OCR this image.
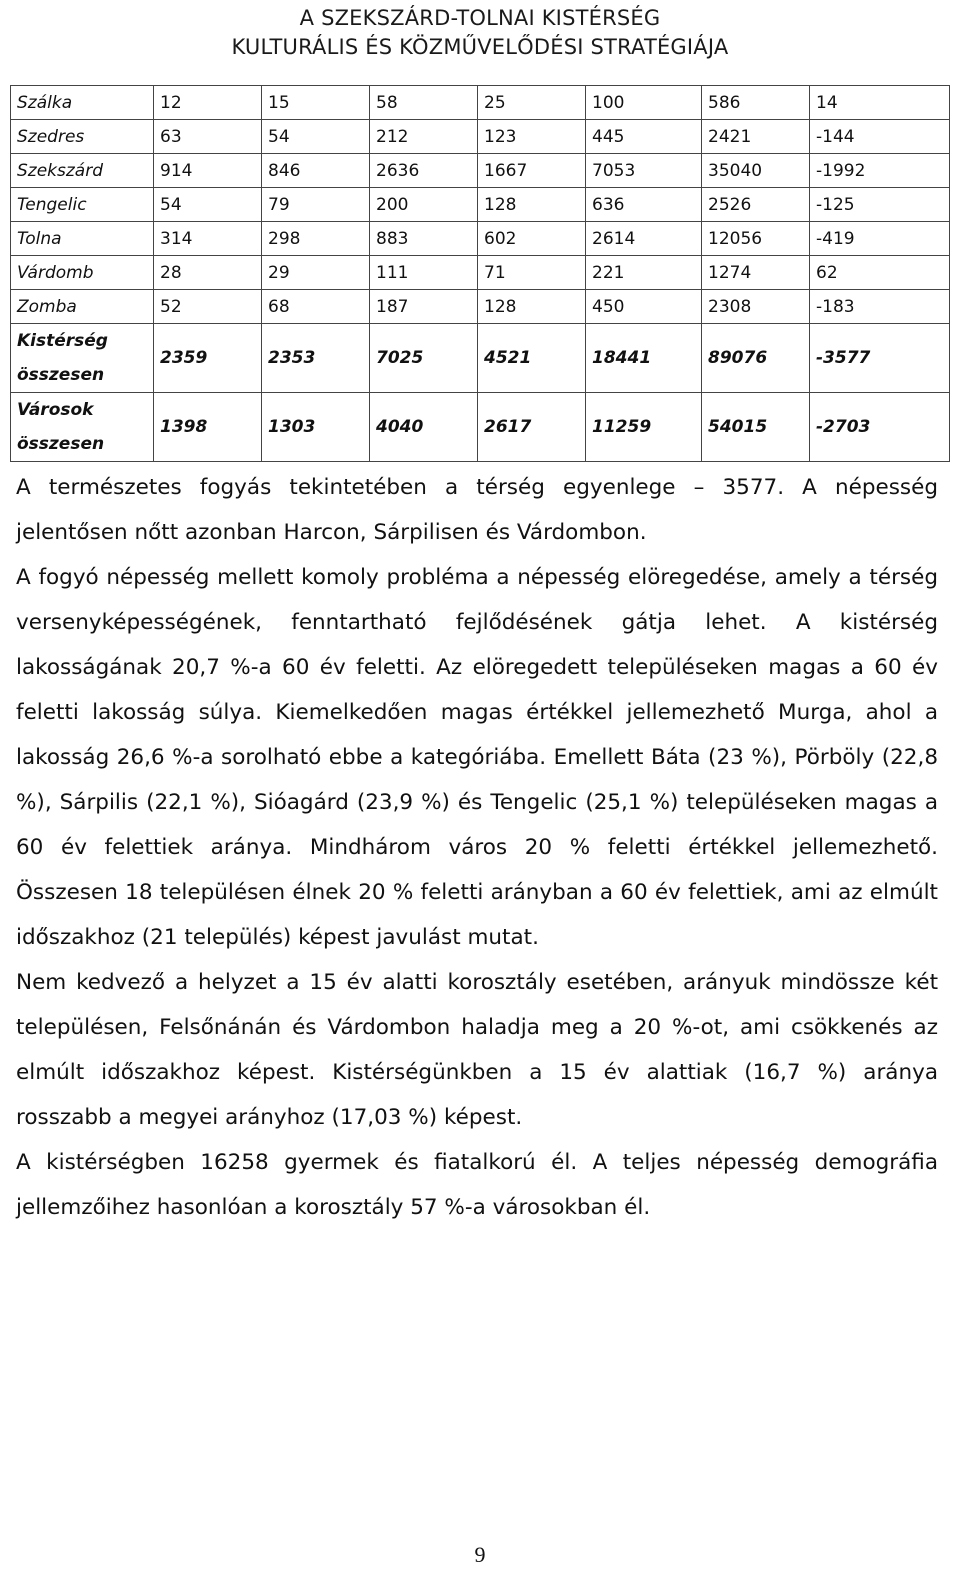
A SZEKSZÁRD-TOLNAI KISTÉRSÉG
KULTURÁLIS ÉS KÖZMŰVELŐDÉSI STRATÉGIÁJA
Szálka	12	15	58	25	100	586	14
Szedres	63	54	212	123	445	2421	-144
Szekszárd	914	846	2636	1667	7053	35040	-1992
Tengelic	54	79	200	128	636	2526	-125
Tolna	314	298	883	602	2614	12056	-419
Várdomb	28	29	111	71	221	1274	62
Zomba	52	68	187	128	450	2308	-183
Kistérség összesen	2359	2353	7025	4521	18441	89076	-3577
Városok összesen	1398	1303	4040	2617	11259	54015	-2703

A természetes fogyás tekintetében a térség egyenlege – 3577. A népesség jelentősen nőtt azonban Harcon, Sárpilisen és Várdombon.

A fogyó népesség mellett komoly probléma a népesség elöregedése, amely a térség versenyképességének, fenntartható fejlődésének gátja lehet. A kistérség lakosságának 20,7 %-a 60 év feletti. Az elöregedett településeken magas a 60 év feletti lakosság súlya. Kiemelkedően magas értékkel jellemezhető Murga, ahol a lakosság 26,6 %-a sorolható ebbe a kategóriába. Emellett Báta (23 %), Pörböly (22,8 %), Sárpilis (22,1 %), Sióagárd (23,9 %) és Tengelic (25,1 %) településeken magas a 60 év felettiek aránya. Mindhárom város 20 % feletti értékkel jellemezhető. Összesen 18 településen élnek 20 % feletti arányban a 60 év felettiek, ami az elmúlt időszakhoz (21 település) képest javulást mutat.

Nem kedvező a helyzet a 15 év alatti korosztály esetében, arányuk mindössze két településen, Felsőnánán és Várdombon haladja meg a 20 %-ot, ami csökkenés az elmúlt időszakhoz képest. Kistérségünkben a 15 év alattiak (16,7 %) aránya rosszabb a megyei arányhoz (17,03 %) képest.

A kistérségben 16258 gyermek és fiatalkorú él. A teljes népesség demográfia jellemzőihez hasonlóan a korosztály 57 %-a városokban él.

9
